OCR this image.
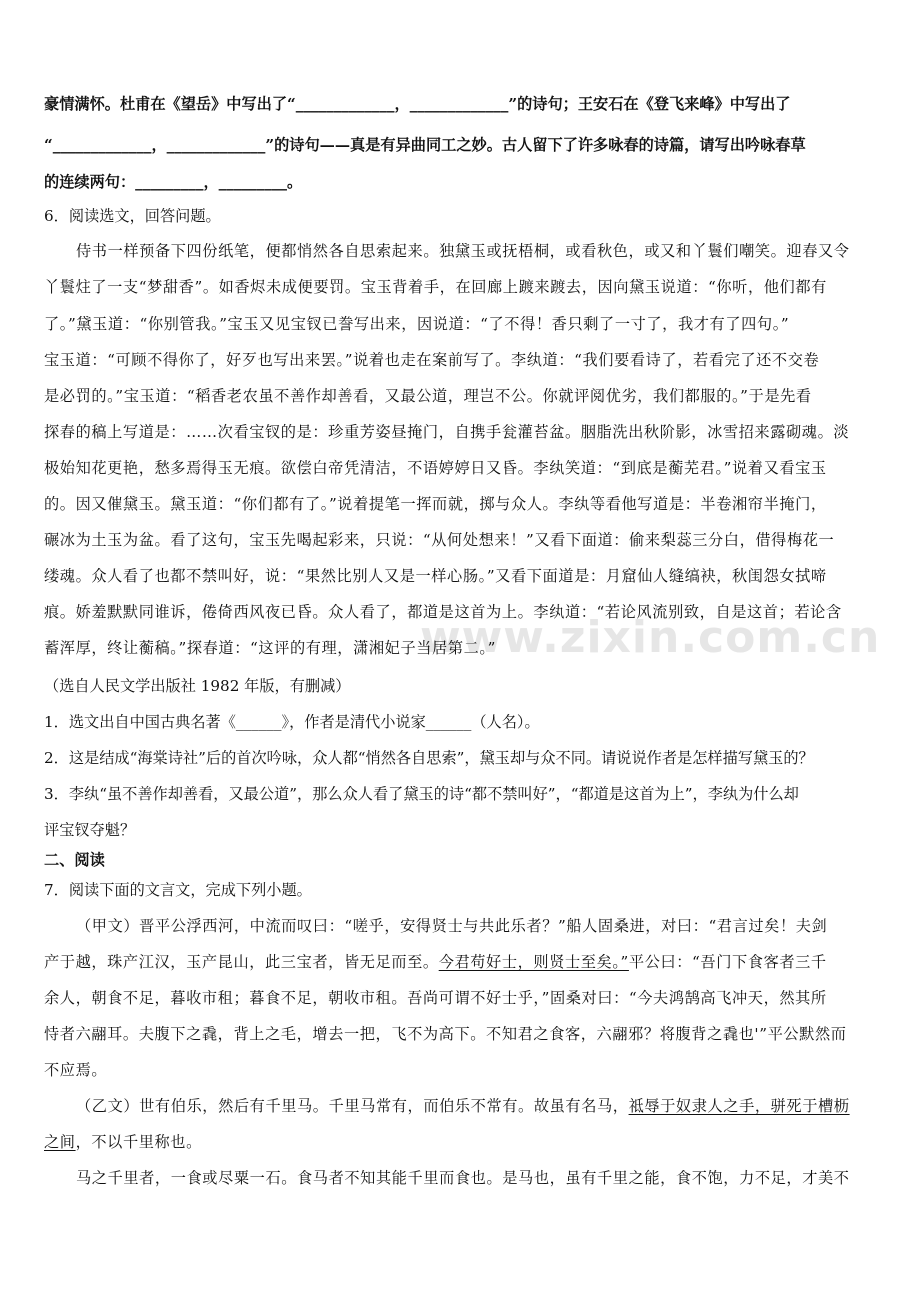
www.zixin.com.cn
豪情满怀。杜甫在《望岳》中写出了“_____________，_____________”的诗句；王安石在《登飞来峰》中写出了
“_____________，_____________”的诗句——真是有异曲同工之妙。古人留下了许多咏春的诗篇，请写出吟咏春草
的连续两句：_________，_________。
6．阅读选文，回答问题。
侍书一样预备下四份纸笔，便都悄然各自思索起来。独黛玉或抚梧桐，或看秋色，或又和丫鬟们嘲笑。迎春又令
丫鬟炷了一支“梦甜香”。如香烬未成便要罚。宝玉背着手，在回廊上踱来踱去，因向黛玉说道：“你听，他们都有
了。”黛玉道：“你别管我。”宝玉又见宝钗已誊写出来，因说道：“了不得！香只剩了一寸了，我才有了四句。”
宝玉道：“可顾不得你了，好歹也写出来罢。”说着也走在案前写了。李纨道：“我们要看诗了，若看完了还不交卷
是必罚的。”宝玉道：“稻香老农虽不善作却善看，又最公道，理岂不公。你就评阅优劣，我们都服的。”于是先看
探春的稿上写道是：……次看宝钗的是：珍重芳姿昼掩门，自携手瓮灌苔盆。胭脂洗出秋阶影，冰雪招来露砌魂。淡
极始知花更艳，愁多焉得玉无痕。欲偿白帝凭清洁，不语婷婷日又昏。李纨笑道：“到底是蘅芜君。”说着又看宝玉
的。因又催黛玉。黛玉道：“你们都有了。”说着提笔一挥而就，掷与众人。李纨等看他写道是：半卷湘帘半掩门，
碾冰为土玉为盆。看了这句，宝玉先喝起彩来，只说：“从何处想来！”又看下面道：偷来梨蕊三分白，借得梅花一
缕魂。众人看了也都不禁叫好，说：“果然比别人又是一样心肠。”又看下面道是：月窟仙人缝缟袂，秋闺怨女拭啼
痕。娇羞默默同谁诉，倦倚西风夜已昏。众人看了，都道是这首为上。李纨道：“若论风流别致，自是这首；若论含
蓄浑厚，终让蘅稿。”探春道：“这评的有理，潇湘妃子当居第二。”
（选自人民文学出版社 1982 年版，有删减）
1．选文出自中国古典名著《______》，作者是清代小说家______（人名）。
2．这是结成“海棠诗社”后的首次吟咏，众人都“悄然各自思索”，黛玉却与众不同。请说说作者是怎样描写黛玉的？
3．李纨“虽不善作却善看，又最公道”，那么众人看了黛玉的诗“都不禁叫好”，“都道是这首为上”，李纨为什么却
评宝钗夺魁？
二、阅读
7．阅读下面的文言文，完成下列小题。
（甲文）晋平公浮西河，中流而叹曰：“嗟乎，安得贤士与共此乐者？”船人固桑进，对曰：“君言过矣！夫剑
产于越，珠产江汉，玉产昆山，此三宝者，皆无足而至。今君苟好士，则贤士至矣。”平公曰：“吾门下食客者三千
余人，朝食不足，暮收市租；暮食不足，朝收市租。吾尚可谓不好士乎，”固桑对曰：“今夫鸿鹄高飞冲天，然其所
恃者六翮耳。夫腹下之毳，背上之毛，增去一把，飞不为高下。不知君之食客，六翮邪？将腹背之毳也'”平公默然而
不应焉。
（乙文）世有伯乐，然后有千里马。千里马常有，而伯乐不常有。故虽有名马，祗辱于奴隶人之手，骈死于槽枥
之间，不以千里称也。
马之千里者，一食或尽粟一石。食马者不知其能千里而食也。是马也，虽有千里之能，食不饱，力不足，才美不
